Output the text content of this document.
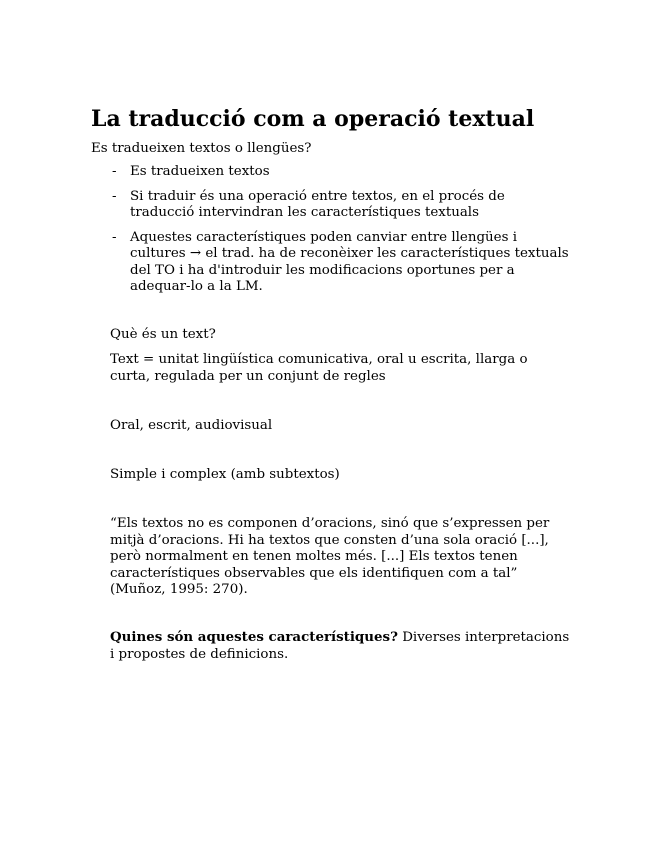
La traducció com a operació textual

Es tradueixen textos o llengües?

- Es tradueixen textos
- Si traduir és una operació entre textos, en el procés de traducció intervindran les característiques textuals
- Aquestes característiques poden canviar entre llengües i cultures → el trad. ha de reconèixer les característiques textuals del TO i ha d'introduir les modificacions oportunes per a adequar-lo a la LM.

Què és un text?

Text = unitat lingüística comunicativa, oral u escrita, llarga o curta, regulada per un conjunt de regles

Oral, escrit, audiovisual

Simple i complex (amb subtextos)

“Els textos no es componen d’oracions, sinó que s’expressen per mitjà d’oracions. Hi ha textos que consten d’una sola oració [...], però normalment en tenen moltes més. [...] Els textos tenen característiques observables que els identifiquen com a tal” (Muñoz, 1995: 270).

Quines són aquestes característiques? Diverses interpretacions i propostes de definicions.
